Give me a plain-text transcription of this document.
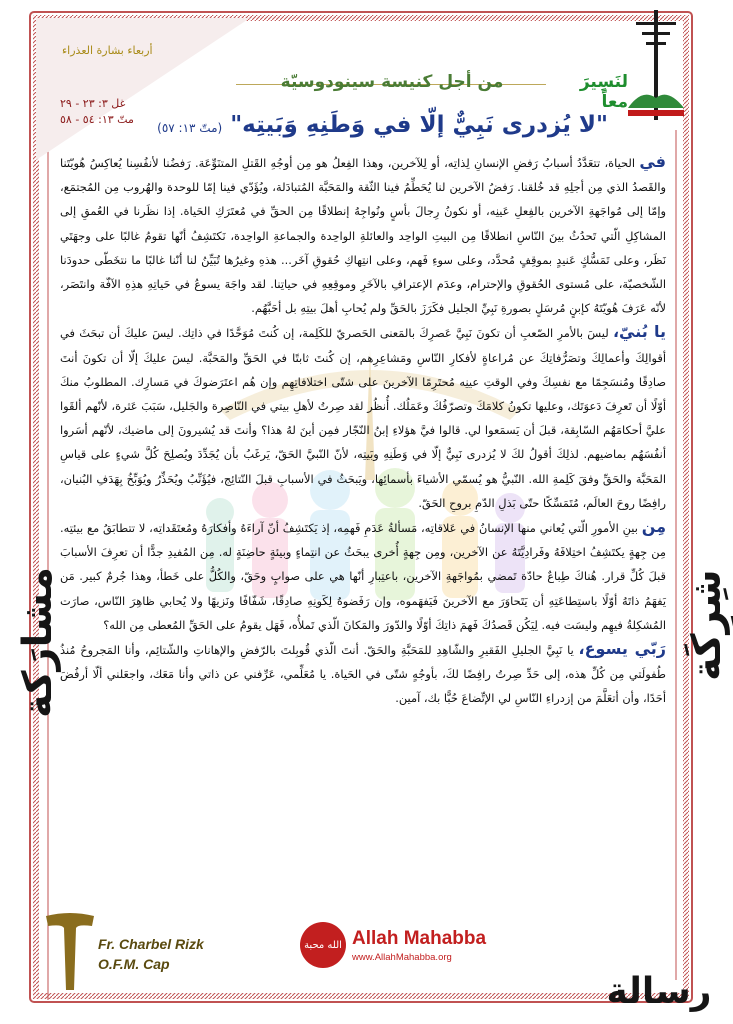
أربعاء بشارة العذراء
لنَسِيرَ معاً
من أجل كنيسة سينودوسيّة
غل ٣: ٢٣ - ٢٩
متّ ١٣: ٥٤ - ٥٨	"لا يُزدرى نَبِيٌّ إلّا في وَطَنِهِ وَبَيتِه" (متّ ١٣: ٥٧)
شِرِكَة
مشارَكة
رسالة

في الحياة، تتعَدَّدُ أسبابُ رَفضِ الإنسانِ لِذاتِه، أو لِلآخرين، وهذا الفِعلُ هو مِن أوجُهِ القَتلِ المتنَوِّعَة. رَفضُنا لأنفُسِنا يُعاكِسُ هُويّتَنا والقَصدُ الذي مِن أجلِهِ قد خُلقنا. رَفضُ الآخرين لنا يُحَطِّمُ فينا الثّقة والمَحَبَّة المُتبادَلة، ويُؤَدّي فينا إمّا للوحدة والهُروب مِن المُجتمَع، وإمّا إلى مُواجَهةِ الآخرين بالفِعلِ عَينِه، أو نكونُ رِجالَ بأسٍ ونُواجِهُ إنطلاقًا مِن الحقِّ في مُعتَرَكِ الحَياة. إذا نظَرنا في العُمقِ إلى المشاكِلِ الّتي تَحدُثُ بينَ النّاسِ انطلاقًا مِن البيتِ الواحِد والعائلةِ الواحِدة والجماعةِ الواحِدة، نَكتَشِفُ أنّها تقومُ غالبًا على وجهَتَي نَظَر، وعلى تَمَسُّكٍ عَنيدٍ بموقِفٍ مُحدَّد، وعلى سوءِ فَهم، وعلى انتِهاكِ حُقوقِ آخَر... هذهِ وغيرُها تُبَيِّنُ لنا أنّنا غالبًا ما نتخَطّى حدودَنا الشّخصيّة، على مُستوى الحُقوقِ والإحترام، وعدَم الإعترافِ بالآخَرِ وموقِعِهِ في حياتِنا. لقد واجَهَ يسوعُ في حَياتِهِ هذِهِ الآفّة وانتَصَر، لأنّه عَرَفَ هُويّتَهُ كإبنٍ مُرسَلٍ بصورةِ نَبِيِّ الجليل فكَرَزَ بالحَقِّ ولم يُحابِ أهلَ بيتِهِ بل أحَبَّهُم.

يا بُنيّ، ليسَ بالأمرِ الصّعبِ أن تكونَ نَبِيَّ عَصرِكَ بالمَعنى الحَصريّ للكَلِمة، إن كُنتَ مُوَحَّدًا في ذاتِك. ليسَ عليكَ أن تبحَثَ في أقوالِكَ وأعمالِكَ وتصَرُّفاتِكَ عن مُراعاةٍ لأفكارِ النّاسِ ومَشاعِرِهم، إن كُنتَ ثابتًا في الحَقِّ والمَحَبَّة. ليسَ عليكَ إلّا أن تكونَ أنتَ صادِقًا ومُنسَجِمًا مع نفسِكَ وفي الوقتِ عينِه مُحتَرِمًا الآخرينَ على شتّى اختلافاتِهِم وإن هُم اعتَرَضوكَ في مَسارِك. المطلوبُ منكَ أوّلًا أن تَعرِفَ دَعوَتَك، وعليها تكونُ كلامَكَ وتصرّفُكَ وعَمَلُك. أُنظُر لقد صِرتُ لأهلِ بيتي في النّاصِرة والجَليل، سَبَبَ عَثرة، لأنّهم ألقَوا عليَّ أحكامَهُم السّابِقة، قبلَ أن يَسمَعوا لي. قالوا فيَّ هؤلاءِ إبنُ النّجّار فمِن أينَ لهُ هذا؟ وأنتَ قد يُشيرونَ إلى ماضيك، لأنّهم أسَروا أنفُسَهُم بماضيهم. لذلِكَ أقولُ لكَ لا يُزدرى نَبِيٌّ إلّا في وَطَنِهِ وبَيتِه، لأنّ النّبيَّ الحَقّ، يَرغَبُ بأن يُجَدِّدَ ويُصلِحَ كُلَّ شيءٍ على قياسِ المَحَبَّة والحَقِّ وفقَ كَلِمةِ الله. النّبيُّ هو يُسمّي الأشياءَ بأسمائِها، ويَبحَثُ في الأسبابِ قبلَ النّتائِج، فيُؤَنِّبُ ويُحَذِّرُ ويُوَبِّخُ بِهَدَفِ البُنيان، رافِضًا روحَ العالَم، مُتَمَسِّكًا حتّى بَذلِ الدّمِ بروحِ الحَقّ.

مِن بينِ الأمورِ الّتي يُعاني منها الإنسانُ في عَلاقاتِه، مَسألةُ عَدَمِ فَهمِه، إذ يَكتَشِفُ أنّ آراءَهُ وأفكارَهُ ومُعتَقَداتِه، لا تتطابَقُ مع بيئتِه. مِن جِهةٍ يكتَشِفُ اختِلافَهُ وفَرادِيَّتَهُ عن الآخرين، ومِن جِهةٍ أُخرى يبحَثُ عن انتِماءٍ وبيئةٍ حاضِنَةٍ له. مِن المُفيدِ جدًّا أن تعرِفَ الأسبابَ قبلَ كُلِّ قرار. هُناكَ طِباعٌ حادّة تَمضي بمُواجَهةِ الآخرين، باعتِبارِ أنّها هي على صوابٍ وحَقّ، والكُلُّ على خَطأ، وهذا جُرمٌ كبير. مَن يَفهَمُ ذاتَهُ أوّلًا باستِطاعَتِهِ أن يَتَحاوَرَ مع الآخرينَ فَيَفهَموه، وإن رَفَضوهُ لِكَونِهِ صادِقًا، شَفّافًا ونَزيهًا ولا يُحابي ظاهِرَ النّاس، صارَت المُشكِلةُ فيهِم وليسَت فيه. لِيَكُن قَصدُكَ فَهمَ ذاتِكَ أوّلًا والدّورَ والمَكانَ الّذي تَملأُه، فَهَل يقومُ على الحَقِّ المُعطى مِن الله؟

رَبّي يسوع، يا نَبِيَّ الجليلِ الفَقيرِ والشّاهِدِ للمَحَبَّةِ والحَقّ. أنتَ الّذي قُوبِلتَ بالرّفضِ والإهاناتِ والشّتائِم، وأنا المَجروحُ مُنذُ طُفولَتي مِن كُلِّ هذه، إلى حَدِّ صِرتُ رافِضًا لكَ، بأوجُهٍ شتّى في الحَياة. يا مُعَلِّمي، عَرِّفني عن ذاتي وأنا مَعَك، واجعَلني ألّا أرفُضَ أحَدًا، وأن أتعَلَّمَ من إزدراءِ النّاسِ لي الإتِّضاعَ حُبًّا بك، آمين.

Fr. Charbel Rizk
O.F.M. Cap
الله محبة Allah Mahabba
www.AllahMahabba.org
